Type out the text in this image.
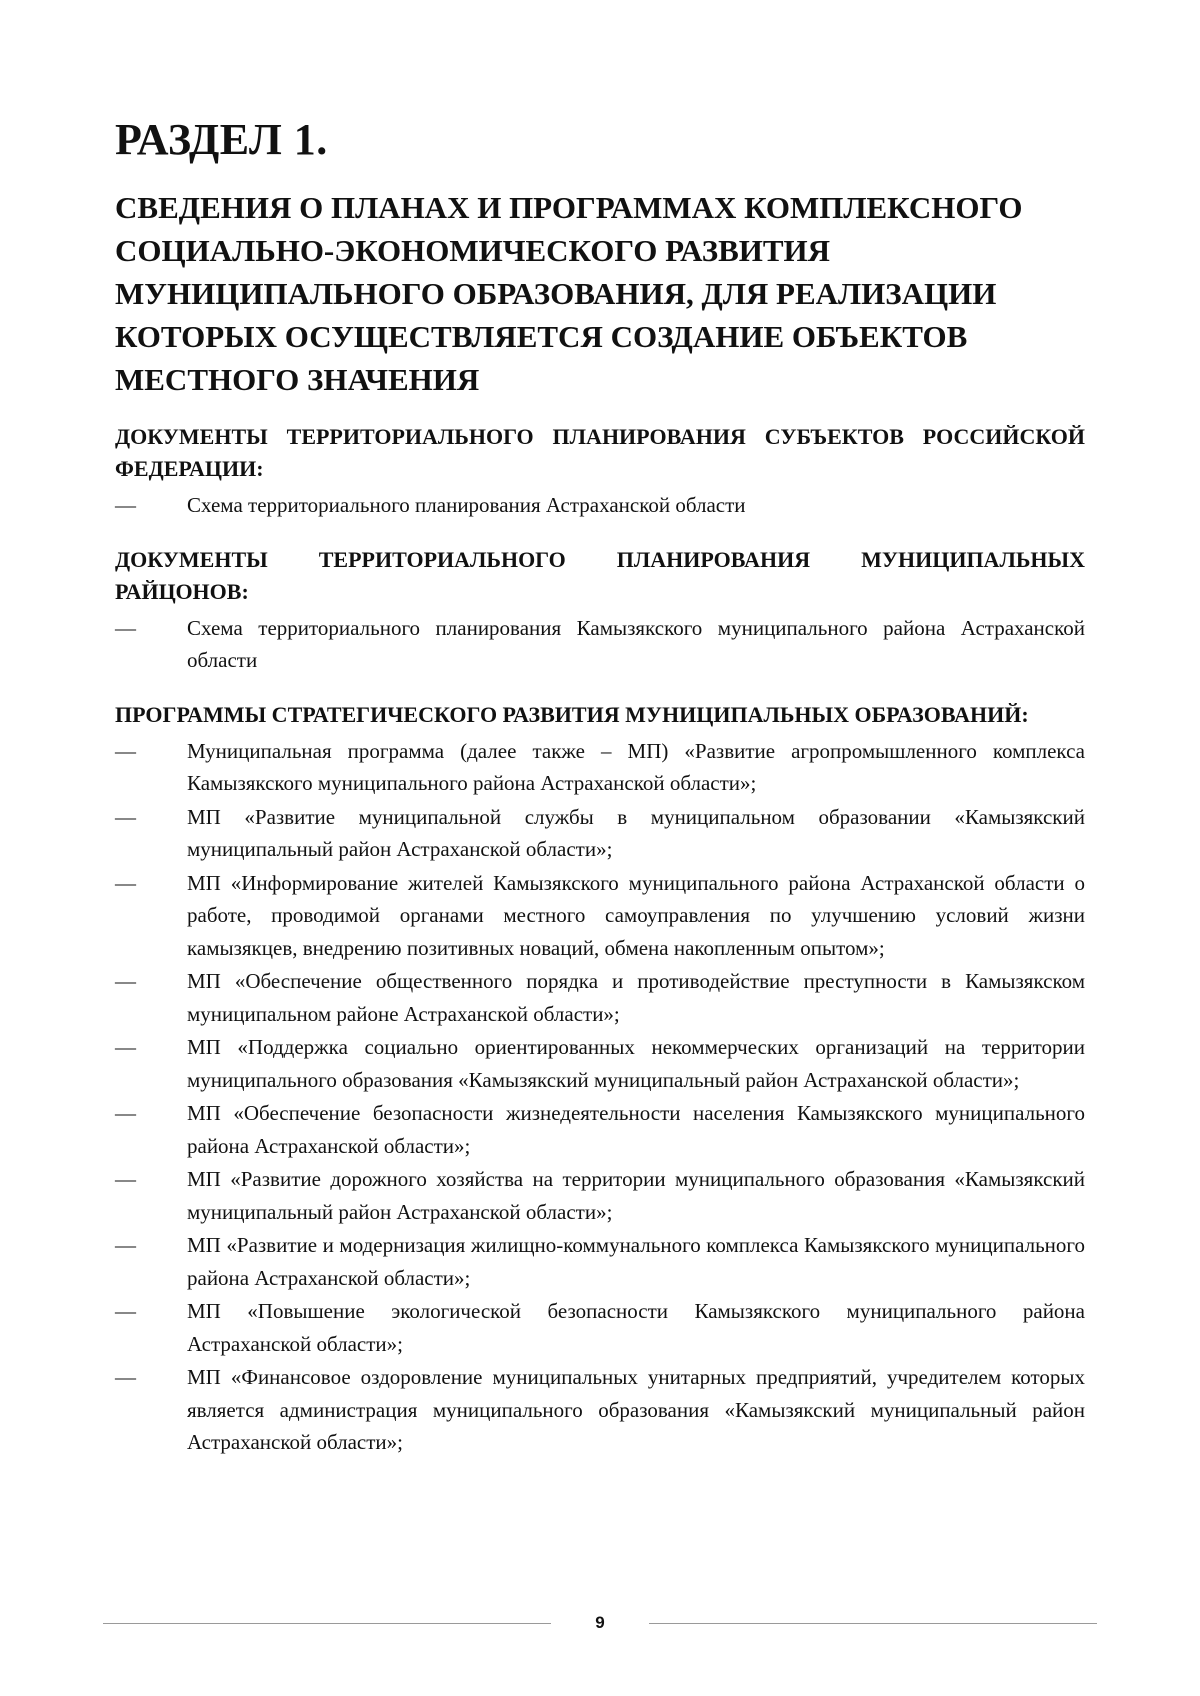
РАЗДЕЛ 1.
СВЕДЕНИЯ О ПЛАНАХ И ПРОГРАММАХ КОМПЛЕКСНОГО СОЦИАЛЬНО-ЭКОНОМИЧЕСКОГО РАЗВИТИЯ МУНИЦИПАЛЬНОГО ОБРАЗОВАНИЯ, ДЛЯ РЕАЛИЗАЦИИ КОТОРЫХ ОСУЩЕСТВЛЯЕТСЯ СОЗДАНИЕ ОБЪЕКТОВ МЕСТНОГО ЗНАЧЕНИЯ

ДОКУМЕНТЫ ТЕРРИТОРИАЛЬНОГО ПЛАНИРОВАНИЯ СУБЪЕКТОВ РОССИЙСКОЙ ФЕДЕРАЦИИ:

—	Схема территориального планирования Астраханской области

ДОКУМЕНТЫ ТЕРРИТОРИАЛЬНОГО ПЛАНИРОВАНИЯ МУНИЦИПАЛЬНЫХ РАЙЦОНОВ:

—	Схема территориального планирования Камызякского муниципального района Астраханской области

ПРОГРАММЫ СТРАТЕГИЧЕСКОГО РАЗВИТИЯ МУНИЦИПАЛЬНЫХ ОБРАЗОВАНИЙ:

—	Муниципальная программа (далее также – МП) «Развитие агропромышленного комплекса Камызякского муниципального района Астраханской области»;
—	МП «Развитие муниципальной службы в муниципальном образовании «Камызякский муниципальный район Астраханской области»;
—	МП «Информирование жителей Камызякского муниципального района Астраханской области о работе, проводимой органами местного самоуправления по улучшению условий жизни камызякцев, внедрению позитивных новаций, обмена накопленным опытом»;
—	МП «Обеспечение общественного порядка и противодействие преступности в Камызякском муниципальном районе Астраханской области»;
—	МП «Поддержка социально ориентированных некоммерческих организаций на территории муниципального образования «Камызякский муниципальный район Астраханской области»;
—	МП «Обеспечение безопасности жизнедеятельности населения Камызякского муниципального района Астраханской области»;
—	МП «Развитие дорожного хозяйства на территории муниципального образования «Камызякский муниципальный район Астраханской области»;
—	МП «Развитие и модернизация жилищно-коммунального комплекса Камызякского муниципального района Астраханской области»;
—	МП «Повышение экологической безопасности Камызякского муниципального района Астраханской области»;
—	МП «Финансовое оздоровление муниципальных унитарных предприятий, учредителем которых является администрация муниципального образования «Камызякский муниципальный район Астраханской области»;
9
